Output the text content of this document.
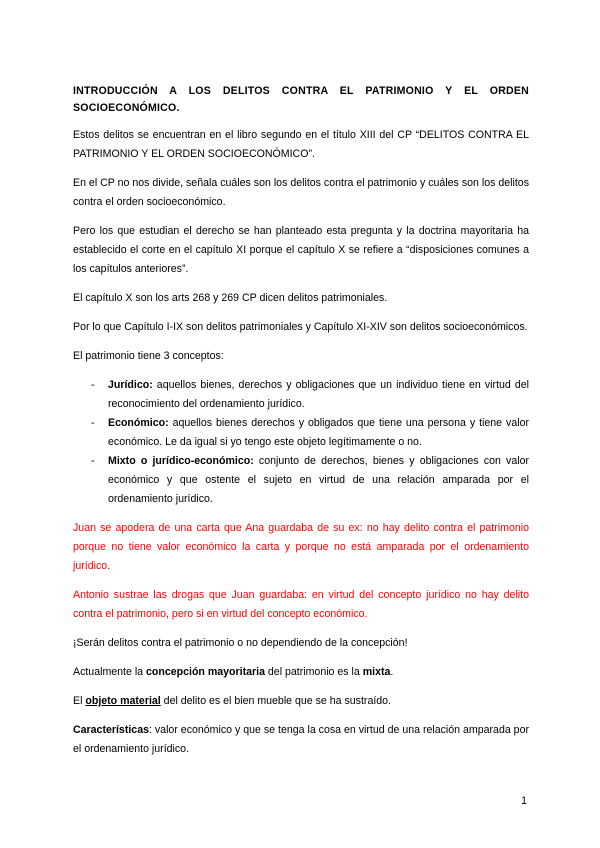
INTRODUCCIÓN A LOS DELITOS CONTRA EL PATRIMONIO Y EL ORDEN SOCIOECONÓMICO.

Estos delitos se encuentran en el libro segundo en el título XIII del CP “DELITOS CONTRA EL PATRIMONIO Y EL ORDEN SOCIOECONÓMICO”.

En el CP no nos divide, señala cuáles son los delitos contra el patrimonio y cuáles son los delitos contra el orden socioeconómico.

Pero los que estudian el derecho se han planteado esta pregunta y la doctrina mayoritaria ha establecido el corte en el capítulo XI porque el capítulo X se refiere a “disposiciones comunes a los capítulos anteriores”.

El capítulo X son los arts 268 y 269 CP dicen delitos patrimoniales.

Por lo que Capítulo I-IX son delitos patrimoniales y Capítulo XI-XIV son delitos socioeconómicos.

El patrimonio tiene 3 conceptos:

- Jurídico: aquellos bienes, derechos y obligaciones que un individuo tiene en virtud del reconocimiento del ordenamiento jurídico.
- Económico: aquellos bienes derechos y obligados que tiene una persona y tiene valor económico. Le da igual si yo tengo este objeto legítimamente o no.
- Mixto o jurídico-económico: conjunto de derechos, bienes y obligaciones con valor económico y que ostente el sujeto en virtud de una relación amparada por el ordenamiento jurídico.

Juan se apodera de una carta que Ana guardaba de su ex: no hay delito contra el patrimonio porque no tiene valor económico la carta y porque no está amparada por el ordenamiento jurídico.

Antonio sustrae las drogas que Juan guardaba: en virtud del concepto jurídico no hay delito contra el patrimonio, pero si en virtud del concepto económico.

¡Serán delitos contra el patrimonio o no dependiendo de la concepción!

Actualmente la concepción mayoritaria del patrimonio es la mixta.

El objeto material del delito es el bien mueble que se ha sustraído.

Características: valor económico y que se tenga la cosa en virtud de una relación amparada por el ordenamiento jurídico.

1
